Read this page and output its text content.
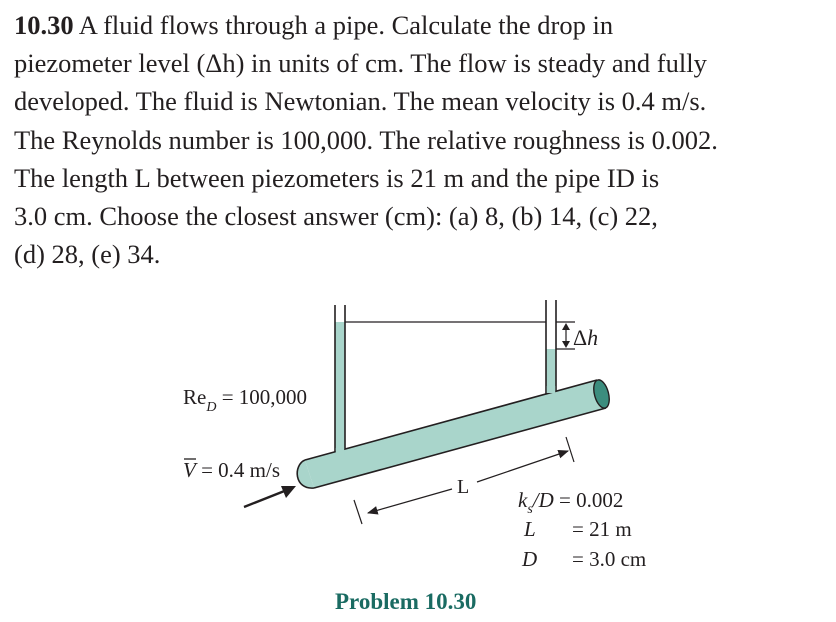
10.30 A fluid flows through a pipe. Calculate the drop in
piezometer level (Δh) in units of cm. The flow is steady and fully
developed. The fluid is Newtonian. The mean velocity is 0.4 m/s.
The Reynolds number is 100,000. The relative roughness is 0.002.
The length L between piezometers is 21 m and the pipe ID is
3.0 cm. Choose the closest answer (cm): (a) 8, (b) 14, (c) 22,
(d) 28, (e) 34.
Δh
L
$Re_D = 100,000$
V = 0.4 m/s
$k_s/D = 0.002$
L = 21 m
D = 3.0 cm
Problem 10.30
